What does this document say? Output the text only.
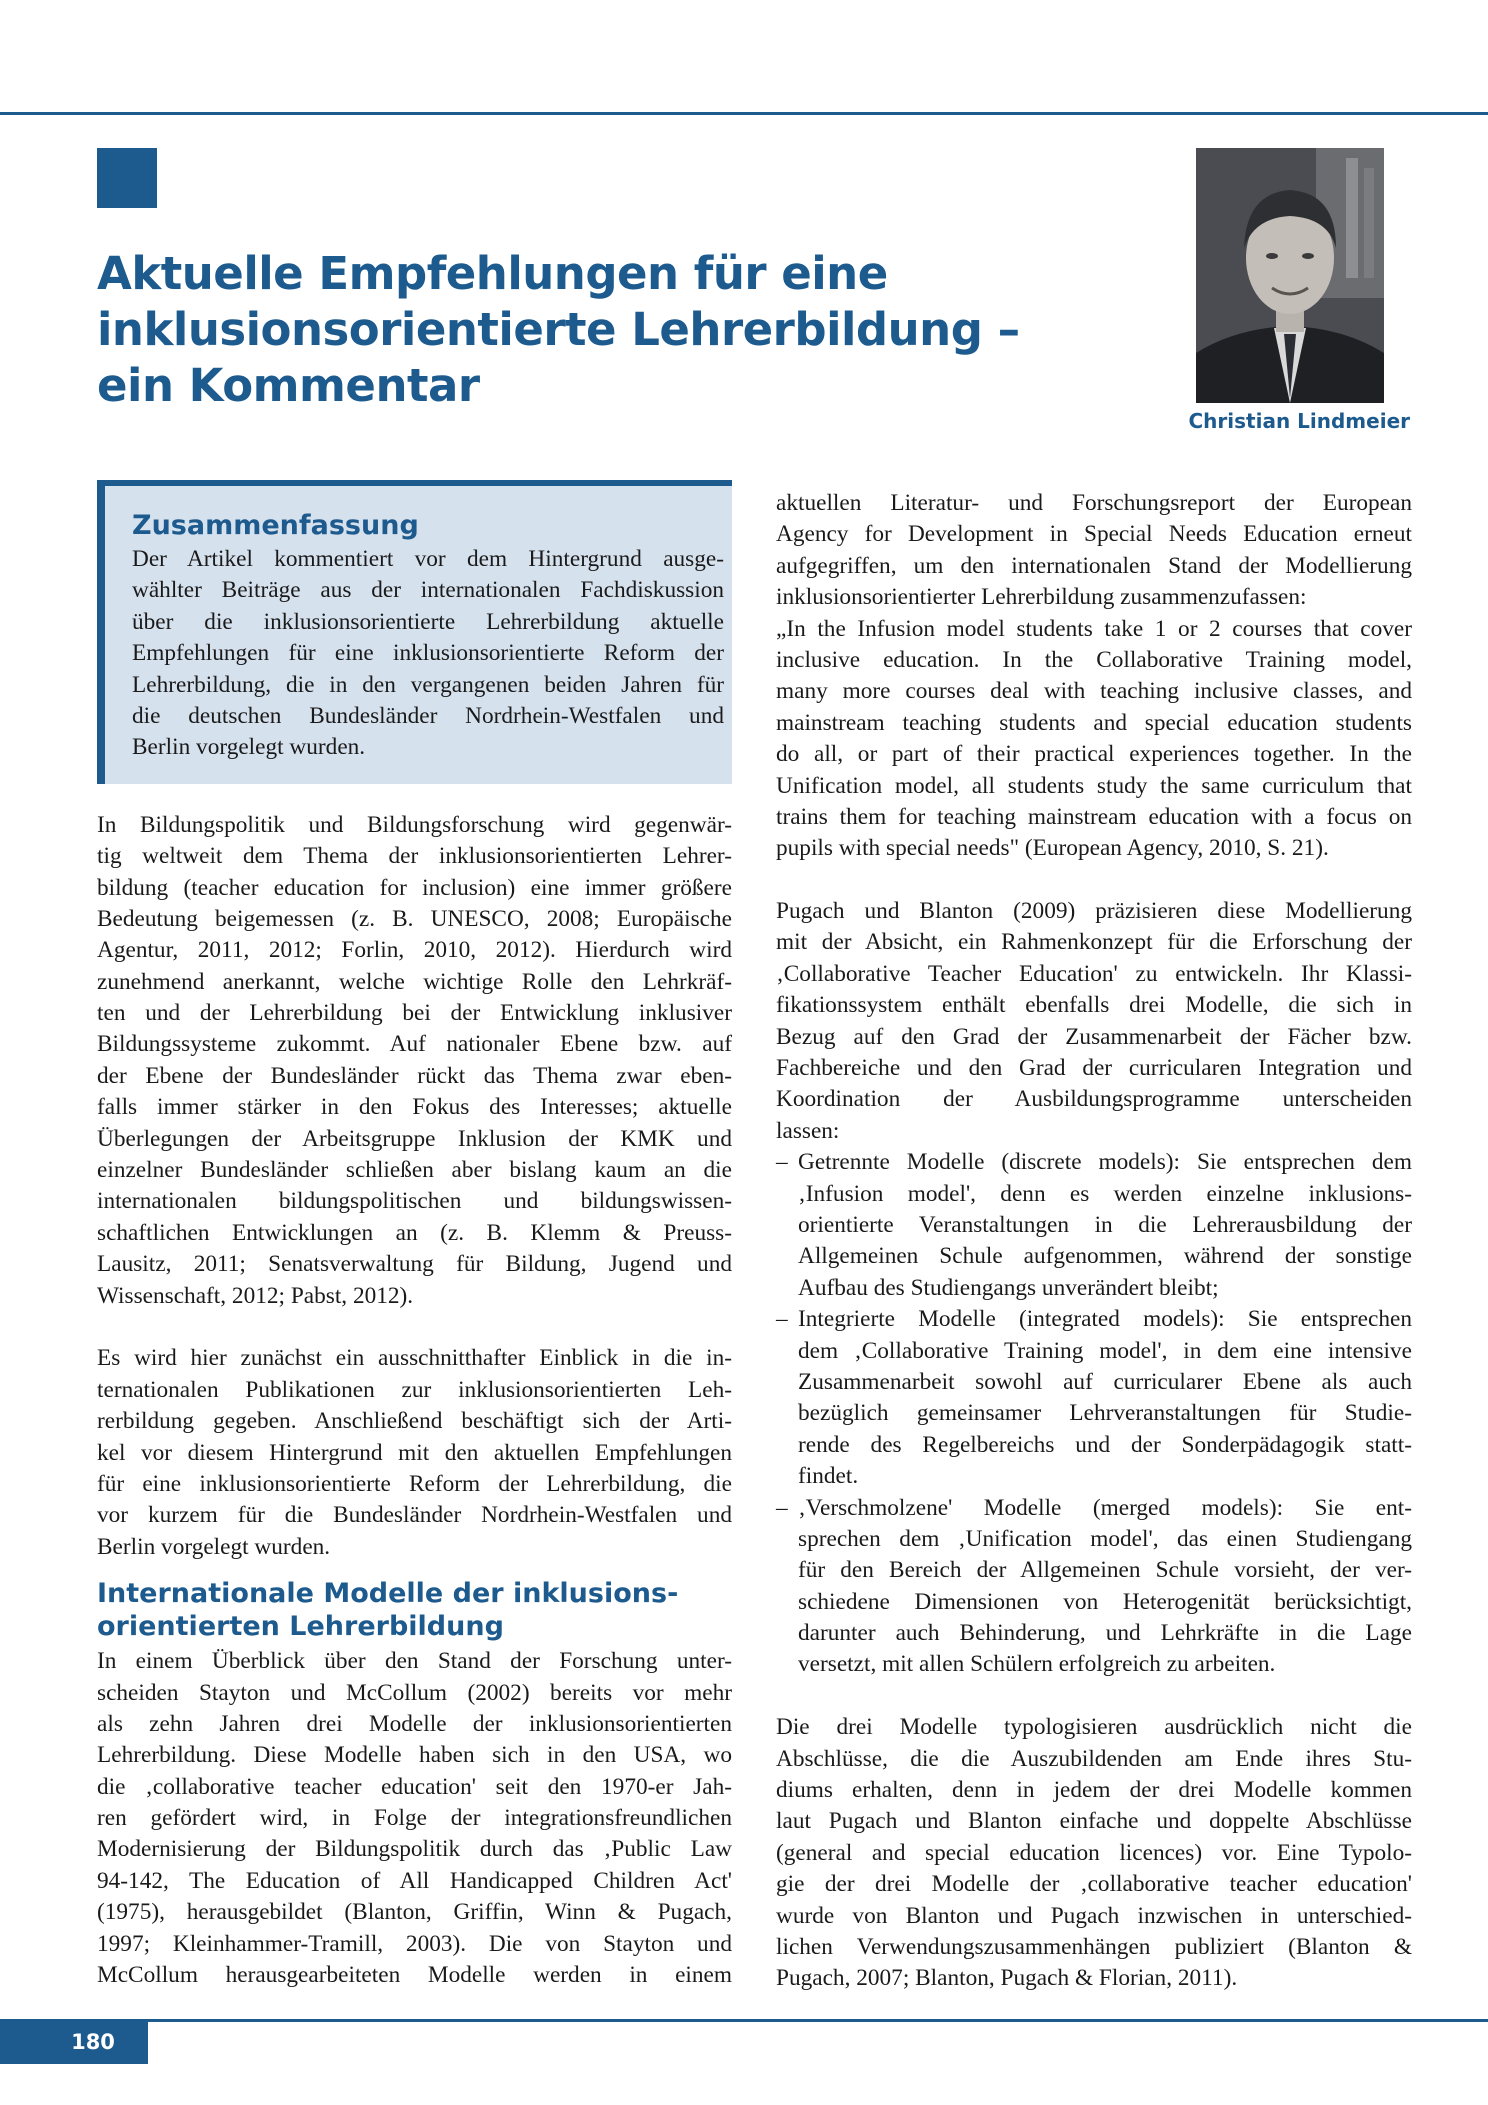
Aktuelle Empfehlungen für eine
inklusionsorientierte Lehrerbildung –
ein Kommentar
Christian Lindmeier
Zusammenfassung
Der Artikel kommentiert vor dem Hintergrund ausge-
wählter Beiträge aus der internationalen Fachdiskussion
über die inklusionsorientierte Lehrerbildung aktuelle
Empfehlungen für eine inklusionsorientierte Reform der
Lehrerbildung, die in den vergangenen beiden Jahren für
die deutschen Bundesländer Nordrhein-Westfalen und
Berlin vorgelegt wurden.
In Bildungspolitik und Bildungsforschung wird gegenwär-
tig weltweit dem Thema der inklusionsorientierten Lehrer-
bildung (teacher education for inclusion) eine immer größere
Bedeutung beigemessen (z. B. UNESCO, 2008; Europäische
Agentur, 2011, 2012; Forlin, 2010, 2012). Hierdurch wird
zunehmend anerkannt, welche wichtige Rolle den Lehrkräf-
ten und der Lehrerbildung bei der Entwicklung inklusiver
Bildungssysteme zukommt. Auf nationaler Ebene bzw. auf
der Ebene der Bundesländer rückt das Thema zwar eben-
falls immer stärker in den Fokus des Interesses; aktuelle
Überlegungen der Arbeitsgruppe Inklusion der KMK und
einzelner Bundesländer schließen aber bislang kaum an die
internationalen bildungspolitischen und bildungswissen-
schaftlichen Entwicklungen an (z. B. Klemm & Preuss-
Lausitz, 2011; Senatsverwaltung für Bildung, Jugend und
Wissenschaft, 2012; Pabst, 2012).
Es wird hier zunächst ein ausschnitthafter Einblick in die in-
ternationalen Publikationen zur inklusionsorientierten Leh-
rerbildung gegeben. Anschließend beschäftigt sich der Arti-
kel vor diesem Hintergrund mit den aktuellen Empfehlungen
für eine inklusionsorientierte Reform der Lehrerbildung, die
vor kurzem für die Bundesländer Nordrhein-Westfalen und
Berlin vorgelegt wurden.
Internationale Modelle der inklusions-
orientierten Lehrerbildung
In einem Überblick über den Stand der Forschung unter-
scheiden Stayton und McCollum (2002) bereits vor mehr
als zehn Jahren drei Modelle der inklusionsorientierten
Lehrerbildung. Diese Modelle haben sich in den USA, wo
die ‚collaborative teacher education' seit den 1970-er Jah-
ren gefördert wird, in Folge der integrationsfreundlichen
Modernisierung der Bildungspolitik durch das ‚Public Law
94-142, The Education of All Handicapped Children Act'
(1975), herausgebildet (Blanton, Griffin, Winn & Pugach,
1997; Kleinhammer-Tramill, 2003). Die von Stayton und
McCollum herausgearbeiteten Modelle werden in einem
aktuellen Literatur- und Forschungsreport der European
Agency for Development in Special Needs Education erneut
aufgegriffen, um den internationalen Stand der Modellierung
inklusionsorientierter Lehrerbildung zusammenzufassen:
„In the Infusion model students take 1 or 2 courses that cover
inclusive education. In the Collaborative Training model,
many more courses deal with teaching inclusive classes, and
mainstream teaching students and special education students
do all, or part of their practical experiences together. In the
Unification model, all students study the same curriculum that
trains them for teaching mainstream education with a focus on
pupils with special needs" (European Agency, 2010, S. 21).
Pugach und Blanton (2009) präzisieren diese Modellierung
mit der Absicht, ein Rahmenkonzept für die Erforschung der
‚Collaborative Teacher Education' zu entwickeln. Ihr Klassi-
fikationssystem enthält ebenfalls drei Modelle, die sich in
Bezug auf den Grad der Zusammenarbeit der Fächer bzw.
Fachbereiche und den Grad der curricularen Integration und
Koordination der Ausbildungsprogramme unterscheiden
lassen:
– Getrennte Modelle (discrete models): Sie entsprechen dem
‚Infusion model', denn es werden einzelne inklusions-
orientierte Veranstaltungen in die Lehrerausbildung der
Allgemeinen Schule aufgenommen, während der sonstige
Aufbau des Studiengangs unverändert bleibt;
– Integrierte Modelle (integrated models): Sie entsprechen
dem ‚Collaborative Training model', in dem eine intensive
Zusammenarbeit sowohl auf curricularer Ebene als auch
bezüglich gemeinsamer Lehrveranstaltungen für Studie-
rende des Regelbereichs und der Sonderpädagogik statt-
findet.
– ‚Verschmolzene' Modelle (merged models): Sie ent-
sprechen dem ‚Unification model', das einen Studiengang
für den Bereich der Allgemeinen Schule vorsieht, der ver-
schiedene Dimensionen von Heterogenität berücksichtigt,
darunter auch Behinderung, und Lehrkräfte in die Lage
versetzt, mit allen Schülern erfolgreich zu arbeiten.
Die drei Modelle typologisieren ausdrücklich nicht die
Abschlüsse, die die Auszubildenden am Ende ihres Stu-
diums erhalten, denn in jedem der drei Modelle kommen
laut Pugach und Blanton einfache und doppelte Abschlüsse
(general and special education licences) vor. Eine Typolo-
gie der drei Modelle der ‚collaborative teacher education'
wurde von Blanton und Pugach inzwischen in unterschied-
lichen Verwendungszusammenhängen publiziert (Blanton &
Pugach, 2007; Blanton, Pugach & Florian, 2011).
180
